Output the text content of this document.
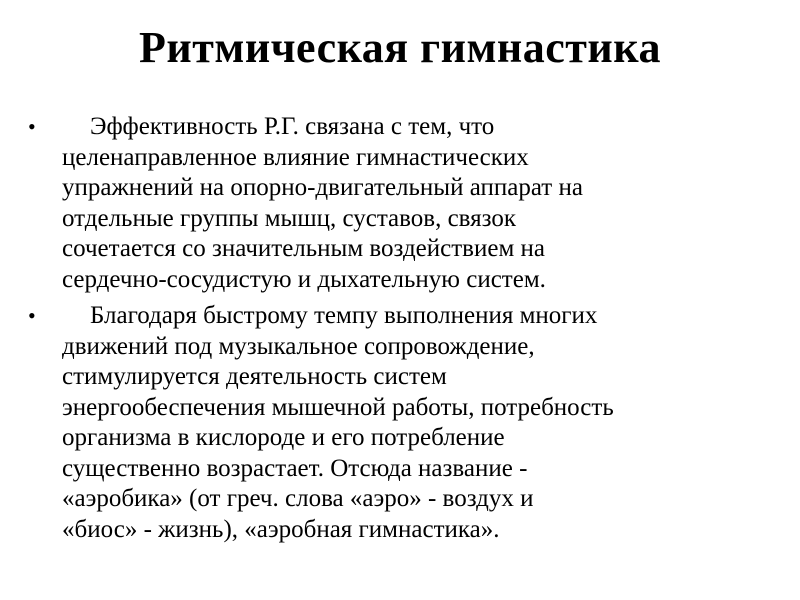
Ритмическая гимнастика
•	Эффективность Р.Г. связана с тем, что
целенаправленное влияние гимнастических
упражнений на опорно-двигательный аппарат на
отдельные группы мышц, суставов, связок
сочетается со значительным воздействием на
сердечно-сосудистую и дыхательную систем.
•	Благодаря быстрому темпу выполнения многих
движений под музыкальное сопровождение,
стимулируется деятельность систем
энергообеспечения мышечной работы, потребность
организма в кислороде и его потребление
существенно возрастает. Отсюда название -
«аэробика» (от греч. слова «аэро» - воздух и
«биос» - жизнь), «аэробная гимнастика».
